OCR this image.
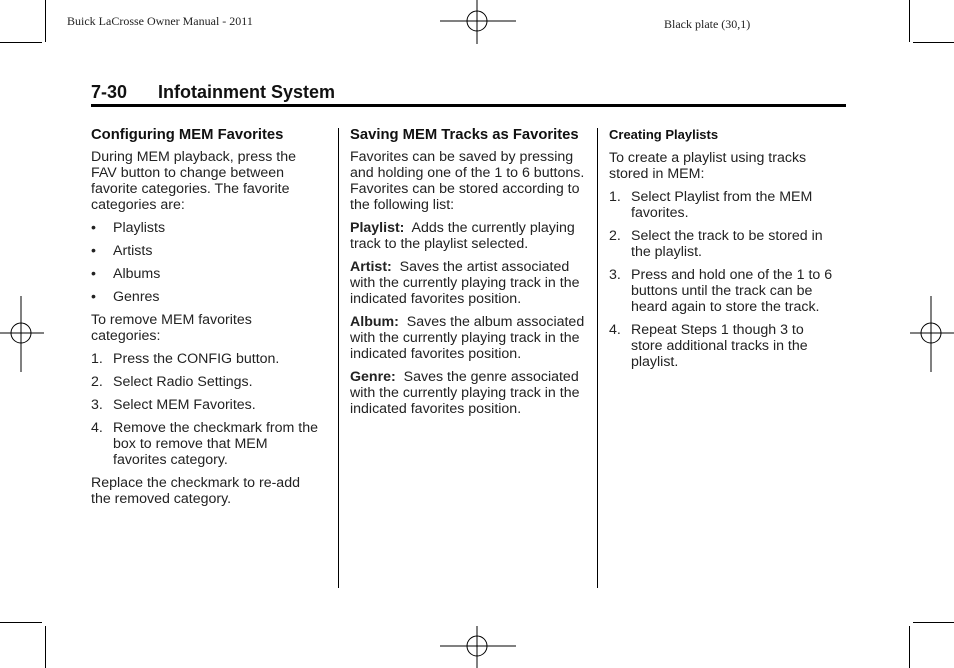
Buick LaCrosse Owner Manual - 2011	Black plate (30,1)
7-30 Infotainment System
Configuring MEM Favorites

During MEM playback, press the FAV button to change between favorite categories. The favorite categories are:

• Playlists
• Artists
• Albums
• Genres

To remove MEM favorites categories:

1. Press the CONFIG button.
2. Select Radio Settings.
3. Select MEM Favorites.
4. Remove the checkmark from the box to remove that MEM favorites category.

Replace the checkmark to re-add the removed category.

Saving MEM Tracks as Favorites

Favorites can be saved by pressing and holding one of the 1 to 6 buttons. Favorites can be stored according to the following list:

Playlist: Adds the currently playing track to the playlist selected.

Artist: Saves the artist associated with the currently playing track in the indicated favorites position.

Album: Saves the album associated with the currently playing track in the indicated favorites position.

Genre: Saves the genre associated with the currently playing track in the indicated favorites position.

Creating Playlists

To create a playlist using tracks stored in MEM:

1. Select Playlist from the MEM favorites.
2. Select the track to be stored in the playlist.
3. Press and hold one of the 1 to 6 buttons until the track can be heard again to store the track.
4. Repeat Steps 1 though 3 to store additional tracks in the playlist.
